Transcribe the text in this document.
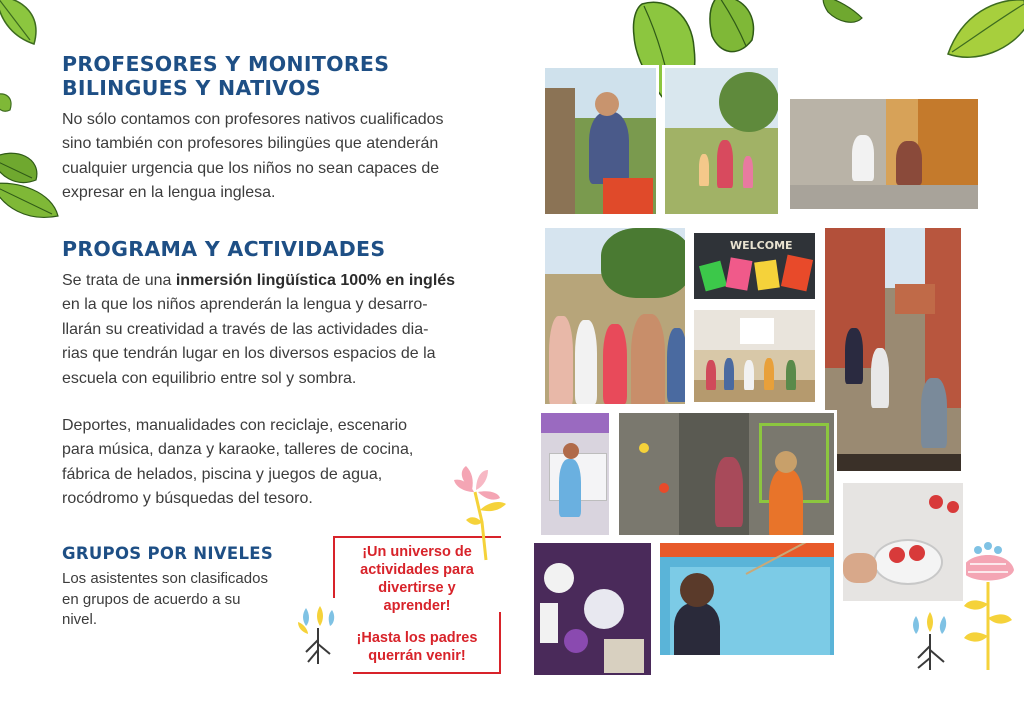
PROFESORES Y MONITORES
BILINGUES Y NATIVOS
No sólo contamos con profesores nativos cualificados
sino también con profesores bilingües que atenderán
cualquier urgencia que los niños no sean capaces de
expresar en la lengua inglesa.
PROGRAMA Y ACTIVIDADES
Se trata de una inmersión lingüística 100% en inglés
en la que los niños aprenderán la lengua y desarro-
llarán su creatividad a través de las actividades dia-
rias que tendrán lugar en los diversos espacios de la
escuela con equilibrio entre sol y sombra.
Deportes, manualidades con reciclaje, escenario
para música, danza y karaoke, talleres de cocina,
fábrica de helados, piscina y juegos de agua,
rocódromo y búsquedas del tesoro.
GRUPOS POR NIVELES
Los asistentes son clasificados
en grupos de acuerdo a su
nivel.
¡Un universo de
actividades para
divertirse y
aprender!
¡Hasta los padres
querrán venir!
WELCOME
